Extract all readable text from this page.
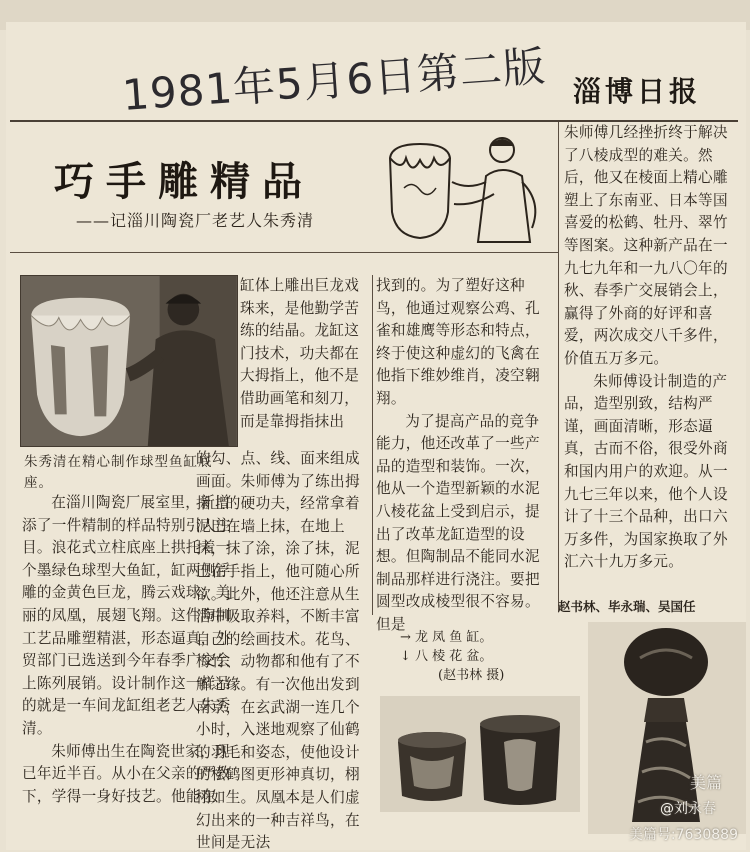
1981年5月6日第二版 淄博日报
巧手雕精品
——记淄川陶瓷厂老艺人朱秀清
朱秀清在精心制作球型鱼缸底座。

在淄川陶瓷厂展室里，新增添了一件精制的样品特别引人注目。浪花式立柱底座上拱托着一个墨绿色球型大鱼缸，缸两侧浮雕的金黄色巨龙，腾云戏球；美丽的凤凰，展翅飞翔。这件陶制工艺品雕塑精湛，形态逼真，外贸部门已选送到今年春季广交会上陈列展销。设计制作这一样品的就是一车间龙缸组老艺人朱秀清。

朱师傅出生在陶瓷世家，现已年近半百。从小在父亲的严教下，学得一身好技艺。他能在

缸体上雕出巨龙戏珠来，是他勤学苦练的结晶。龙缸这门技术，功夫都在大拇指上，他不是借助画笔和刻刀，而是靠拇指抹出

的勾、点、线、面来组成画面。朱师傅为了练出拇指上的硬功夫，经常拿着泥巴在墙上抹，在地上抹，抹了涂，涂了抹，泥巴在手指上，他可随心所欲。此外，他还注意从生活中吸取养料，不断丰富自己的绘画技术。花鸟、梅竹、动物都和他有了不解之缘。有一次他出发到南京，在玄武湖一连几个小时，入迷地观察了仙鹤的羽毛和姿态，使他设计的松鹤图更形神真切，栩栩如生。凤凰本是人们虚幻出来的一种吉祥鸟，在世间是无法

找到的。为了塑好这种鸟，他通过观察公鸡、孔雀和雄鹰等形态和特点，终于使这种虚幻的飞禽在他指下维妙维肖，凌空翱翔。

为了提高产品的竞争能力，他还改革了一些产品的造型和装饰。一次，他从一个造型新颖的水泥八棱花盆上受到启示，提出了改革龙缸造型的设想。但陶制品不能同水泥制品那样进行浇注。要把圆型改成棱型很不容易。但是

朱师傅几经挫折终于解决了八棱成型的难关。然后，他又在棱面上精心雕塑上了东南亚、日本等国喜爱的松鹤、牡丹、翠竹等图案。这种新产品在一九七九年和一九八〇年的秋、春季广交展销会上，赢得了外商的好评和喜爱，两次成交八千多件，价值五万多元。

朱师傅设计制造的产品，造型别致，结构严谨，画面清晰，形态逼真，古而不俗，很受外商和国内用户的欢迎。从一九七三年以来，他个人设计了十三个品种，出口六万多件，为国家换取了外汇六十九万多元。

赵书林、毕永瑞、吴国任
→ 龙 凤 鱼 缸。
↓ 八 棱 花 盆。
(赵书林 摄)
美篇
@刘永春
美篇号:7630889
